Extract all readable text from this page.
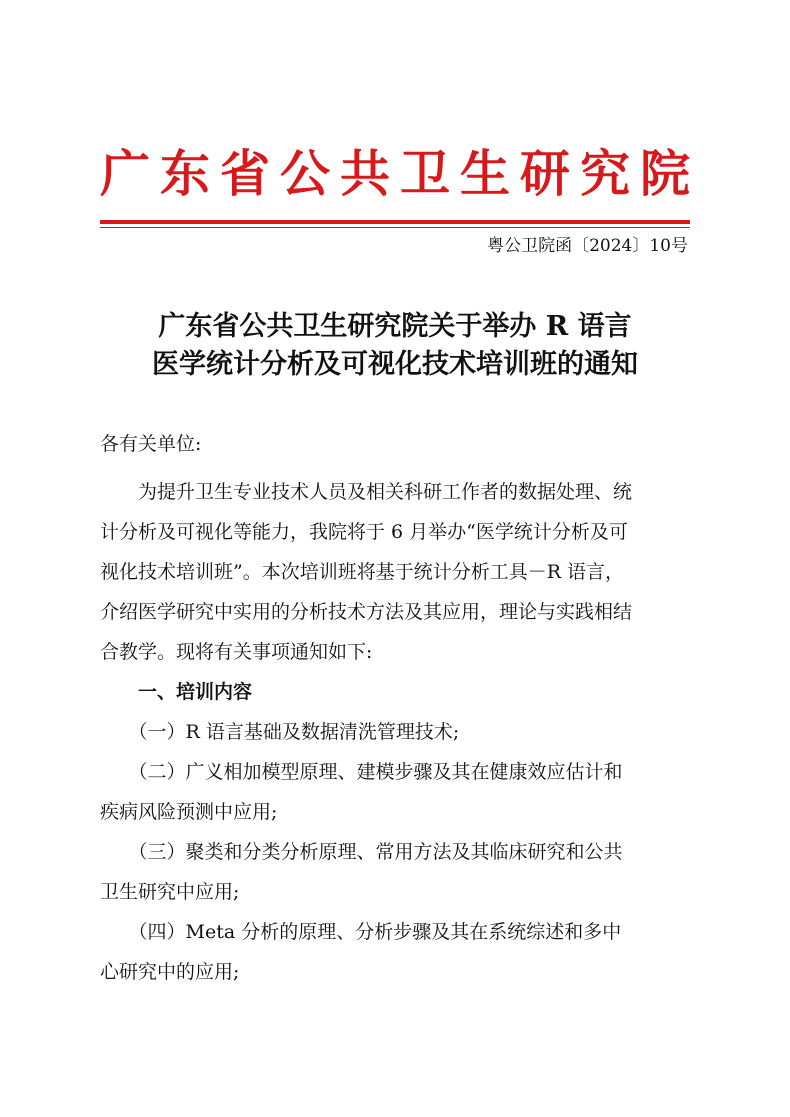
广 东 省 公 共 卫 生 研 究 院
粤公卫院函〔2024〕10号
广东省公共卫生研究院关于举办 R 语言
医学统计分析及可视化技术培训班的通知
各有关单位:
　　为提升卫生专业技术人员及相关科研工作者的数据处理、统
计分析及可视化等能力，我院将于 6 月举办“医学统计分析及可
视化技术培训班”。本次培训班将基于统计分析工具－R 语言，
介绍医学研究中实用的分析技术方法及其应用，理论与实践相结
合教学。现将有关事项通知如下:
　　一、培训内容
　　（一）R 语言基础及数据清洗管理技术;
　　（二）广义相加模型原理、建模步骤及其在健康效应估计和
疾病风险预测中应用;
　　（三）聚类和分类分析原理、常用方法及其临床研究和公共
卫生研究中应用;
　　（四）Meta 分析的原理、分析步骤及其在系统综述和多中
心研究中的应用;
